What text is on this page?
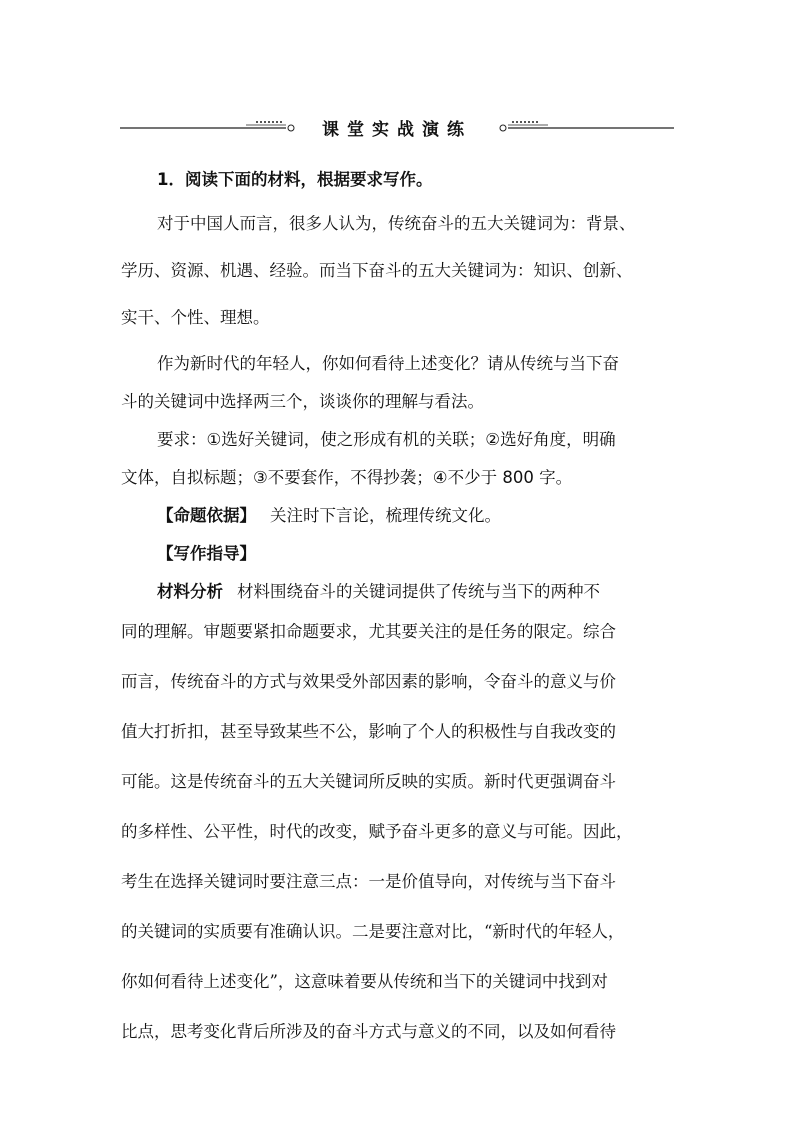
课堂实战演练
1．阅读下面的材料，根据要求写作。
对于中国人而言，很多人认为，传统奋斗的五大关键词为：背景、
学历、资源、机遇、经验。而当下奋斗的五大关键词为：知识、创新、
实干、个性、理想。
作为新时代的年轻人，你如何看待上述变化？请从传统与当下奋
斗的关键词中选择两三个，谈谈你的理解与看法。
要求：①选好关键词，使之形成有机的关联；②选好角度，明确
文体，自拟标题；③不要套作，不得抄袭；④不少于 800 字。
【命题依据】 关注时下言论，梳理传统文化。
【写作指导】
材料分析 材料围绕奋斗的关键词提供了传统与当下的两种不
同的理解。审题要紧扣命题要求，尤其要关注的是任务的限定。综合
而言，传统奋斗的方式与效果受外部因素的影响，令奋斗的意义与价
值大打折扣，甚至导致某些不公，影响了个人的积极性与自我改变的
可能。这是传统奋斗的五大关键词所反映的实质。新时代更强调奋斗
的多样性、公平性，时代的改变，赋予奋斗更多的意义与可能。因此，
考生在选择关键词时要注意三点：一是价值导向，对传统与当下奋斗
的关键词的实质要有准确认识。二是要注意对比，“新时代的年轻人，
你如何看待上述变化”，这意味着要从传统和当下的关键词中找到对
比点，思考变化背后所涉及的奋斗方式与意义的不同，以及如何看待
